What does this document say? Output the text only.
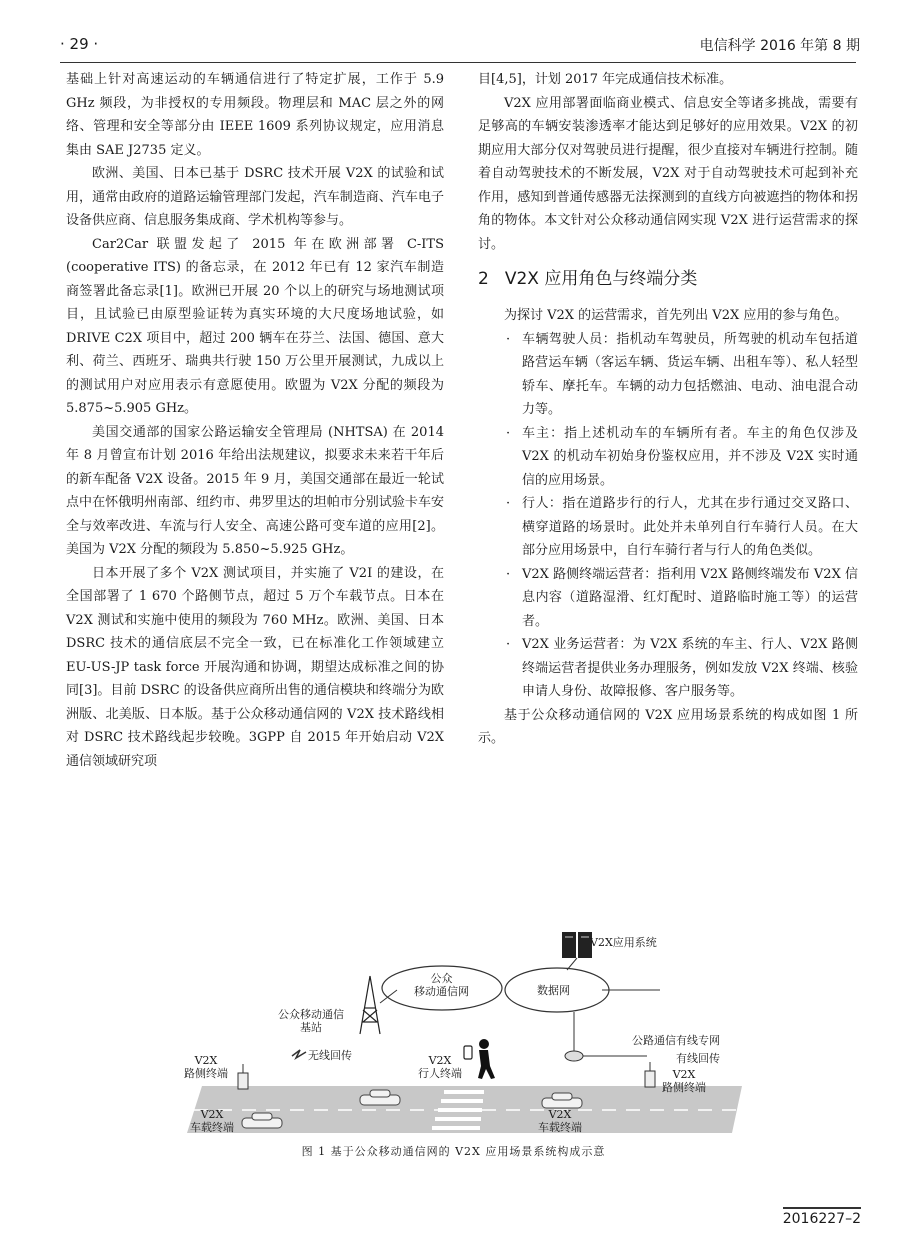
· 29 ·	电信科学 2016 年第 8 期

基础上针对高速运动的车辆通信进行了特定扩展，工作于 5.9 GHz 频段，为非授权的专用频段。物理层和 MAC 层之外的网络、管理和安全等部分由 IEEE 1609 系列协议规定，应用消息集由 SAE J2735 定义。

欧洲、美国、日本已基于 DSRC 技术开展 V2X 的试验和试用，通常由政府的道路运输管理部门发起，汽车制造商、汽车电子设备供应商、信息服务集成商、学术机构等参与。

Car2Car 联盟发起了 2015 年在欧洲部署 C-ITS (cooperative ITS) 的备忘录，在 2012 年已有 12 家汽车制造商签署此备忘录[1]。欧洲已开展 20 个以上的研究与场地测试项目，且试验已由原型验证转为真实环境的大尺度场地试验，如 DRIVE C2X 项目中，超过 200 辆车在芬兰、法国、德国、意大利、荷兰、西班牙、瑞典共行驶 150 万公里开展测试，九成以上的测试用户对应用表示有意愿使用。欧盟为 V2X 分配的频段为 5.875~5.905 GHz。

美国交通部的国家公路运输安全管理局 (NHTSA) 在 2014 年 8 月曾宣布计划 2016 年给出法规建议，拟要求未来若干年后的新车配备 V2X 设备。2015 年 9 月，美国交通部在最近一轮试点中在怀俄明州南部、纽约市、弗罗里达的坦帕市分别试验卡车安全与效率改进、车流与行人安全、高速公路可变车道的应用[2]。美国为 V2X 分配的频段为 5.850~5.925 GHz。

日本开展了多个 V2X 测试项目，并实施了 V2I 的建设，在全国部署了 1 670 个路侧节点，超过 5 万个车载节点。日本在 V2X 测试和实施中使用的频段为 760 MHz。欧洲、美国、日本 DSRC 技术的通信底层不完全一致，已在标准化工作领域建立 EU-US-JP task force 开展沟通和协调，期望达成标准之间的协同[3]。目前 DSRC 的设备供应商所出售的通信模块和终端分为欧洲版、北美版、日本版。基于公众移动通信网的 V2X 技术路线相对 DSRC 技术路线起步较晚。3GPP 自 2015 年开始启动 V2X 通信领域研究项

目[4,5]，计划 2017 年完成通信技术标准。

V2X 应用部署面临商业模式、信息安全等诸多挑战，需要有足够高的车辆安装渗透率才能达到足够好的应用效果。V2X 的初期应用大部分仅对驾驶员进行提醒，很少直接对车辆进行控制。随着自动驾驶技术的不断发展，V2X 对于自动驾驶技术可起到补充作用，感知到普通传感器无法探测到的直线方向被遮挡的物体和拐角的物体。本文针对公众移动通信网实现 V2X 进行运营需求的探讨。

2 V2X 应用角色与终端分类

为探讨 V2X 的运营需求，首先列出 V2X 应用的参与角色。

· 车辆驾驶人员：指机动车驾驶员，所驾驶的机动车包括道路营运车辆（客运车辆、货运车辆、出租车等）、私人轻型轿车、摩托车。车辆的动力包括燃油、电动、油电混合动力等。
· 车主：指上述机动车的车辆所有者。车主的角色仅涉及 V2X 的机动车初始身份鉴权应用，并不涉及 V2X 实时通信的应用场景。
· 行人：指在道路步行的行人，尤其在步行通过交叉路口、横穿道路的场景时。此处并未单列自行车骑行人员。在大部分应用场景中，自行车骑行者与行人的角色类似。
· V2X 路侧终端运营者：指利用 V2X 路侧终端发布 V2X 信息内容（道路湿滑、红灯配时、道路临时施工等）的运营者。
· V2X 业务运营者：为 V2X 系统的车主、行人、V2X 路侧终端运营者提供业务办理服务，例如发放 V2X 终端、核验申请人身份、故障报修、客户服务等。

基于公众移动通信网的 V2X 应用场景系统的构成如图 1 所示。

V2X应用系统
公众
移动通信网	数据网
公众移动通信
基站
公路通信有线专网
无线回传	有线回传
V2X
路侧终端	V2X
路侧终端
V2X
行人终端
V2X
车载终端
V2X
车载终端
图 1 基于公众移动通信网的 V2X 应用场景系统构成示意
2016227–2
